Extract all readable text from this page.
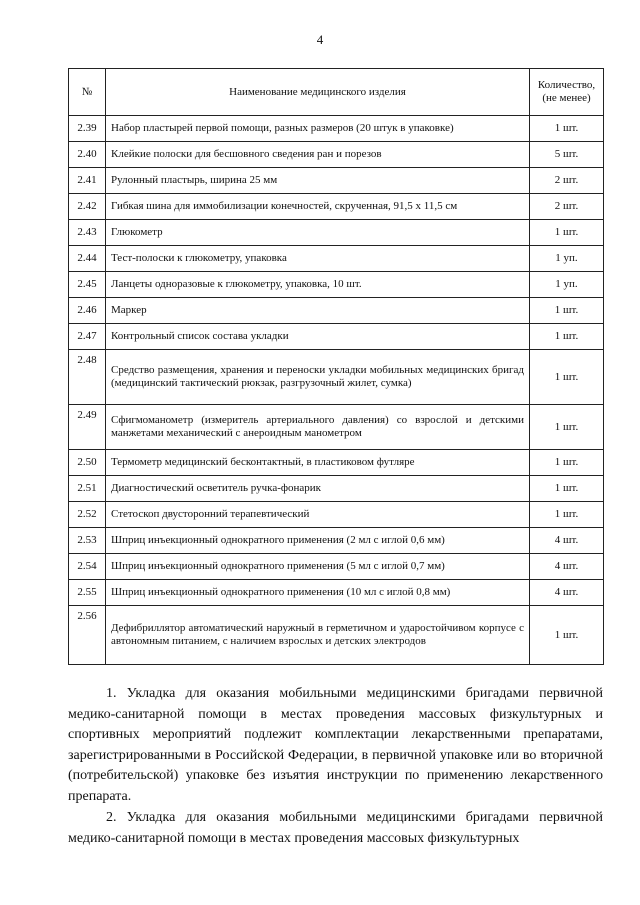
4
№	Наименование медицинского изделия	Количество, (не менее)
2.39	Набор пластырей первой помощи, разных размеров (20 штук в упаковке)	1 шт.
2.40	Клейкие полоски для бесшовного сведения ран и порезов	5 шт.
2.41	Рулонный пластырь, ширина 25 мм	2 шт.
2.42	Гибкая шина для иммобилизации конечностей, скрученная, 91,5 х 11,5 см	2 шт.
2.43	Глюкометр	1 шт.
2.44	Тест-полоски к глюкометру, упаковка	1 уп.
2.45	Ланцеты одноразовые к глюкометру, упаковка, 10 шт.	1 уп.
2.46	Маркер	1 шт.
2.47	Контрольный список состава укладки	1 шт.
2.48	Средство размещения, хранения и переноски укладки мобильных медицинских бригад (медицинский тактический рюкзак, разгрузочный жилет, сумка)	1 шт.
2.49	Сфигмоманометр (измеритель артериального давления) со взрослой и детскими манжетами механический с анероидным манометром	1 шт.
2.50	Термометр медицинский бесконтактный, в пластиковом футляре	1 шт.
2.51	Диагностический осветитель ручка-фонарик	1 шт.
2.52	Стетоскоп двусторонний терапевтический	1 шт.
2.53	Шприц инъекционный однократного применения (2 мл с иглой 0,6 мм)	4 шт.
2.54	Шприц инъекционный однократного применения (5 мл с иглой 0,7 мм)	4 шт.
2.55	Шприц инъекционный однократного применения (10 мл с иглой 0,8 мм)	4 шт.
2.56	Дефибриллятор автоматический наружный в герметичном и ударостойчивом корпусе с автономным питанием, с наличием взрослых и детских электродов	1 шт.

1. Укладка для оказания мобильными медицинскими бригадами первичной медико-санитарной помощи в местах проведения массовых физкультурных и спортивных мероприятий подлежит комплектации лекарственными препаратами, зарегистрированными в Российской Федерации, в первичной упаковке или во вторичной (потребительской) упаковке без изъятия инструкции по применению лекарственного препарата.

2. Укладка для оказания мобильными медицинскими бригадами первичной медико-санитарной помощи в местах проведения массовых физкультурных
